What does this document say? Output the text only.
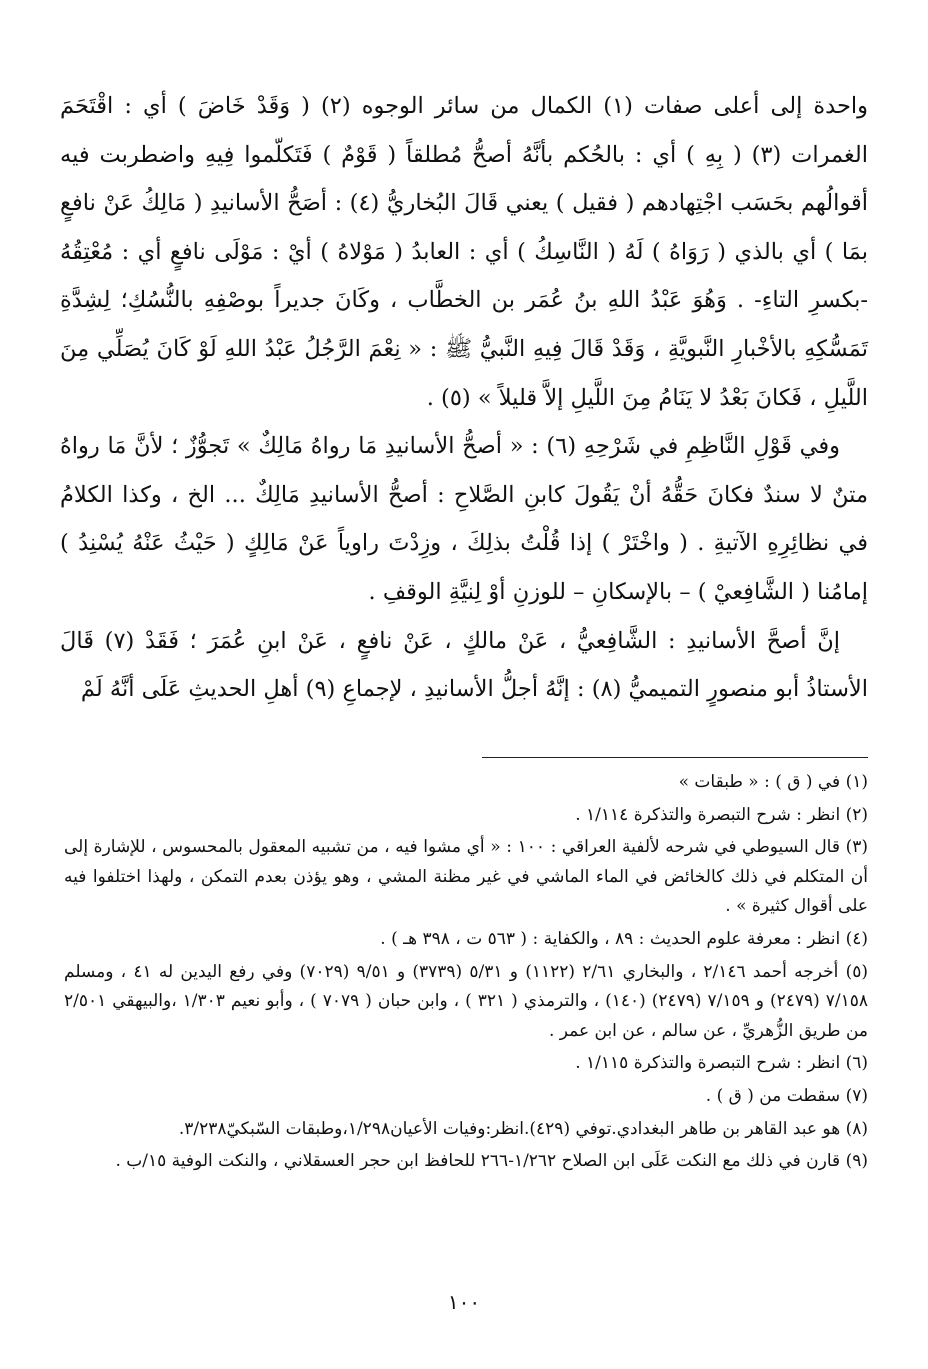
واحدة إلى أعلى صفات (١) الكمال من سائر الوجوه (٢) ( وَقَدْ خَاضَ ) أي : اقْتَحَمَ الغمرات (٣) ( بِهِ ) أي : بالحُكم بأنَّهُ أصحُّ مُطلقاً ( قَوْمٌ ) فَتَكلّموا فِيهِ واضطربت فيه أقوالُهم بحَسَب اجْتِهادهم ( فقيل ) يعني قَالَ البُخاريُّ (٤) : أصَحُّ الأسانيدِ ( مَالِكُ عَنْ نافعٍ بمَا ) أي بالذي ( رَوَاهُ ) لَهُ ( النَّاسِكُ ) أي : العابدُ ( مَوْلاهُ ) أيْ : مَوْلَى نافعٍ أي : مُعْتِقُهُ -بكسرِ التاءِ- . وَهُوَ عَبْدُ اللهِ بنُ عُمَر بن الخطَّاب ، وكَانَ جديراً بوصْفِهِ بالنُّسُكِ؛ لِشِدَّةِ تَمَسُّكِهِ بالأخْبارِ النَّبويَّةِ ، وَقَدْ قَالَ فِيهِ النَّبيُّ ﷺ : « نِعْمَ الرَّجُلُ عَبْدُ اللهِ لَوْ كَانَ يُصَلِّي مِنَ اللَّيلِ ، فَكانَ بَعْدُ لا يَنَامُ مِنَ اللَّيلِ إلاَّ قليلاً » (٥) .

وفي قَوْلِ النَّاظِمِ في شَرْحِهِ (٦) : « أصحُّ الأسانيدِ مَا رواهُ مَالِكٌ » تَجوُّزٌ ؛ لأنَّ مَا رواهُ متنٌ لا سندٌ فكانَ حَقُّهُ أنْ يَقُولَ كابنِ الصَّلاحِ : أصحُّ الأسانيدِ مَالِكٌ ... الخ ، وكذا الكلامُ في نظائِرِهِ الآتيةِ . ( واخْتَرْ ) إذا قُلْتُ بذلِكَ ، وزِدْتَ راوياً عَنْ مَالِكٍ ( حَيْثُ عَنْهُ يُسْنِدُ ) إمامُنا ( الشَّافِعيْ ) – بالإسكانِ – للوزنِ أوْ لِنيَّةِ الوقفِ .

إنَّ أصحَّ الأسانيدِ : الشَّافِعيُّ ، عَنْ مالكٍ ، عَنْ نافعٍ ، عَنْ ابنِ عُمَرَ ؛ فَقَدْ (٧) قَالَ الأستاذُ أبو منصورٍ التميميُّ (٨) : إنَّهُ أجلُّ الأسانيدِ ، لإجماعِ (٩) أهلِ الحديثِ عَلَى أنَّهُ لَمْ

(١) في ( ق ) : « طبقات »

(٢) انظر : شرح التبصرة والتذكرة ١/١١٤ .

(٣) قال السيوطي في شرحه لألفية العراقي : ١٠٠ : « أي مشوا فيه ، من تشبيه المعقول بالمحسوس ، للإشارة إلى أن المتكلم في ذلك كالخائض في الماء الماشي في غير مظنة المشي ، وهو يؤذن بعدم التمكن ، ولهذا اختلفوا فيه على أقوال كثيرة » .

(٤) انظر : معرفة علوم الحديث : ٨٩ ، والكفاية : ( ٥٦٣ ت ، ٣٩٨ هـ ) .

(٥) أخرجه أحمد ٢/١٤٦ ، والبخاري ٢/٦١ (١١٢٢) و ٥/٣١ (٣٧٣٩) و ٩/٥١ (٧٠٢٩) وفي رفع اليدين له ٤١ ، ومسلم ٧/١٥٨ (٢٤٧٩) و ٧/١٥٩ (٢٤٧٩) (١٤٠) ، والترمذي ( ٣٢١ ) ، وابن حبان ( ٧٠٧٩ ) ، وأبو نعيم ١/٣٠٣ ،والبيهقي ٢/٥٠١ من طريق الزُّهريِّ ، عن سالم ، عن ابن عمر .

(٦) انظر : شرح التبصرة والتذكرة ١/١١٥ .

(٧) سقطت من ( ق ) .

(٨) هو عبد القاهر بن طاهر البغدادي.توفي (٤٢٩).انظر:وفيات الأعيان١/٢٩٨،وطبقات السّبكيّ٣/٢٣٨.

(٩) قارن في ذلك مع النكت عَلَى ابن الصلاح ١/٢٦٢-٢٦٦ للحافظ ابن حجر العسقلاني ، والنكت الوفية ١٥/ب .

١٠٠
